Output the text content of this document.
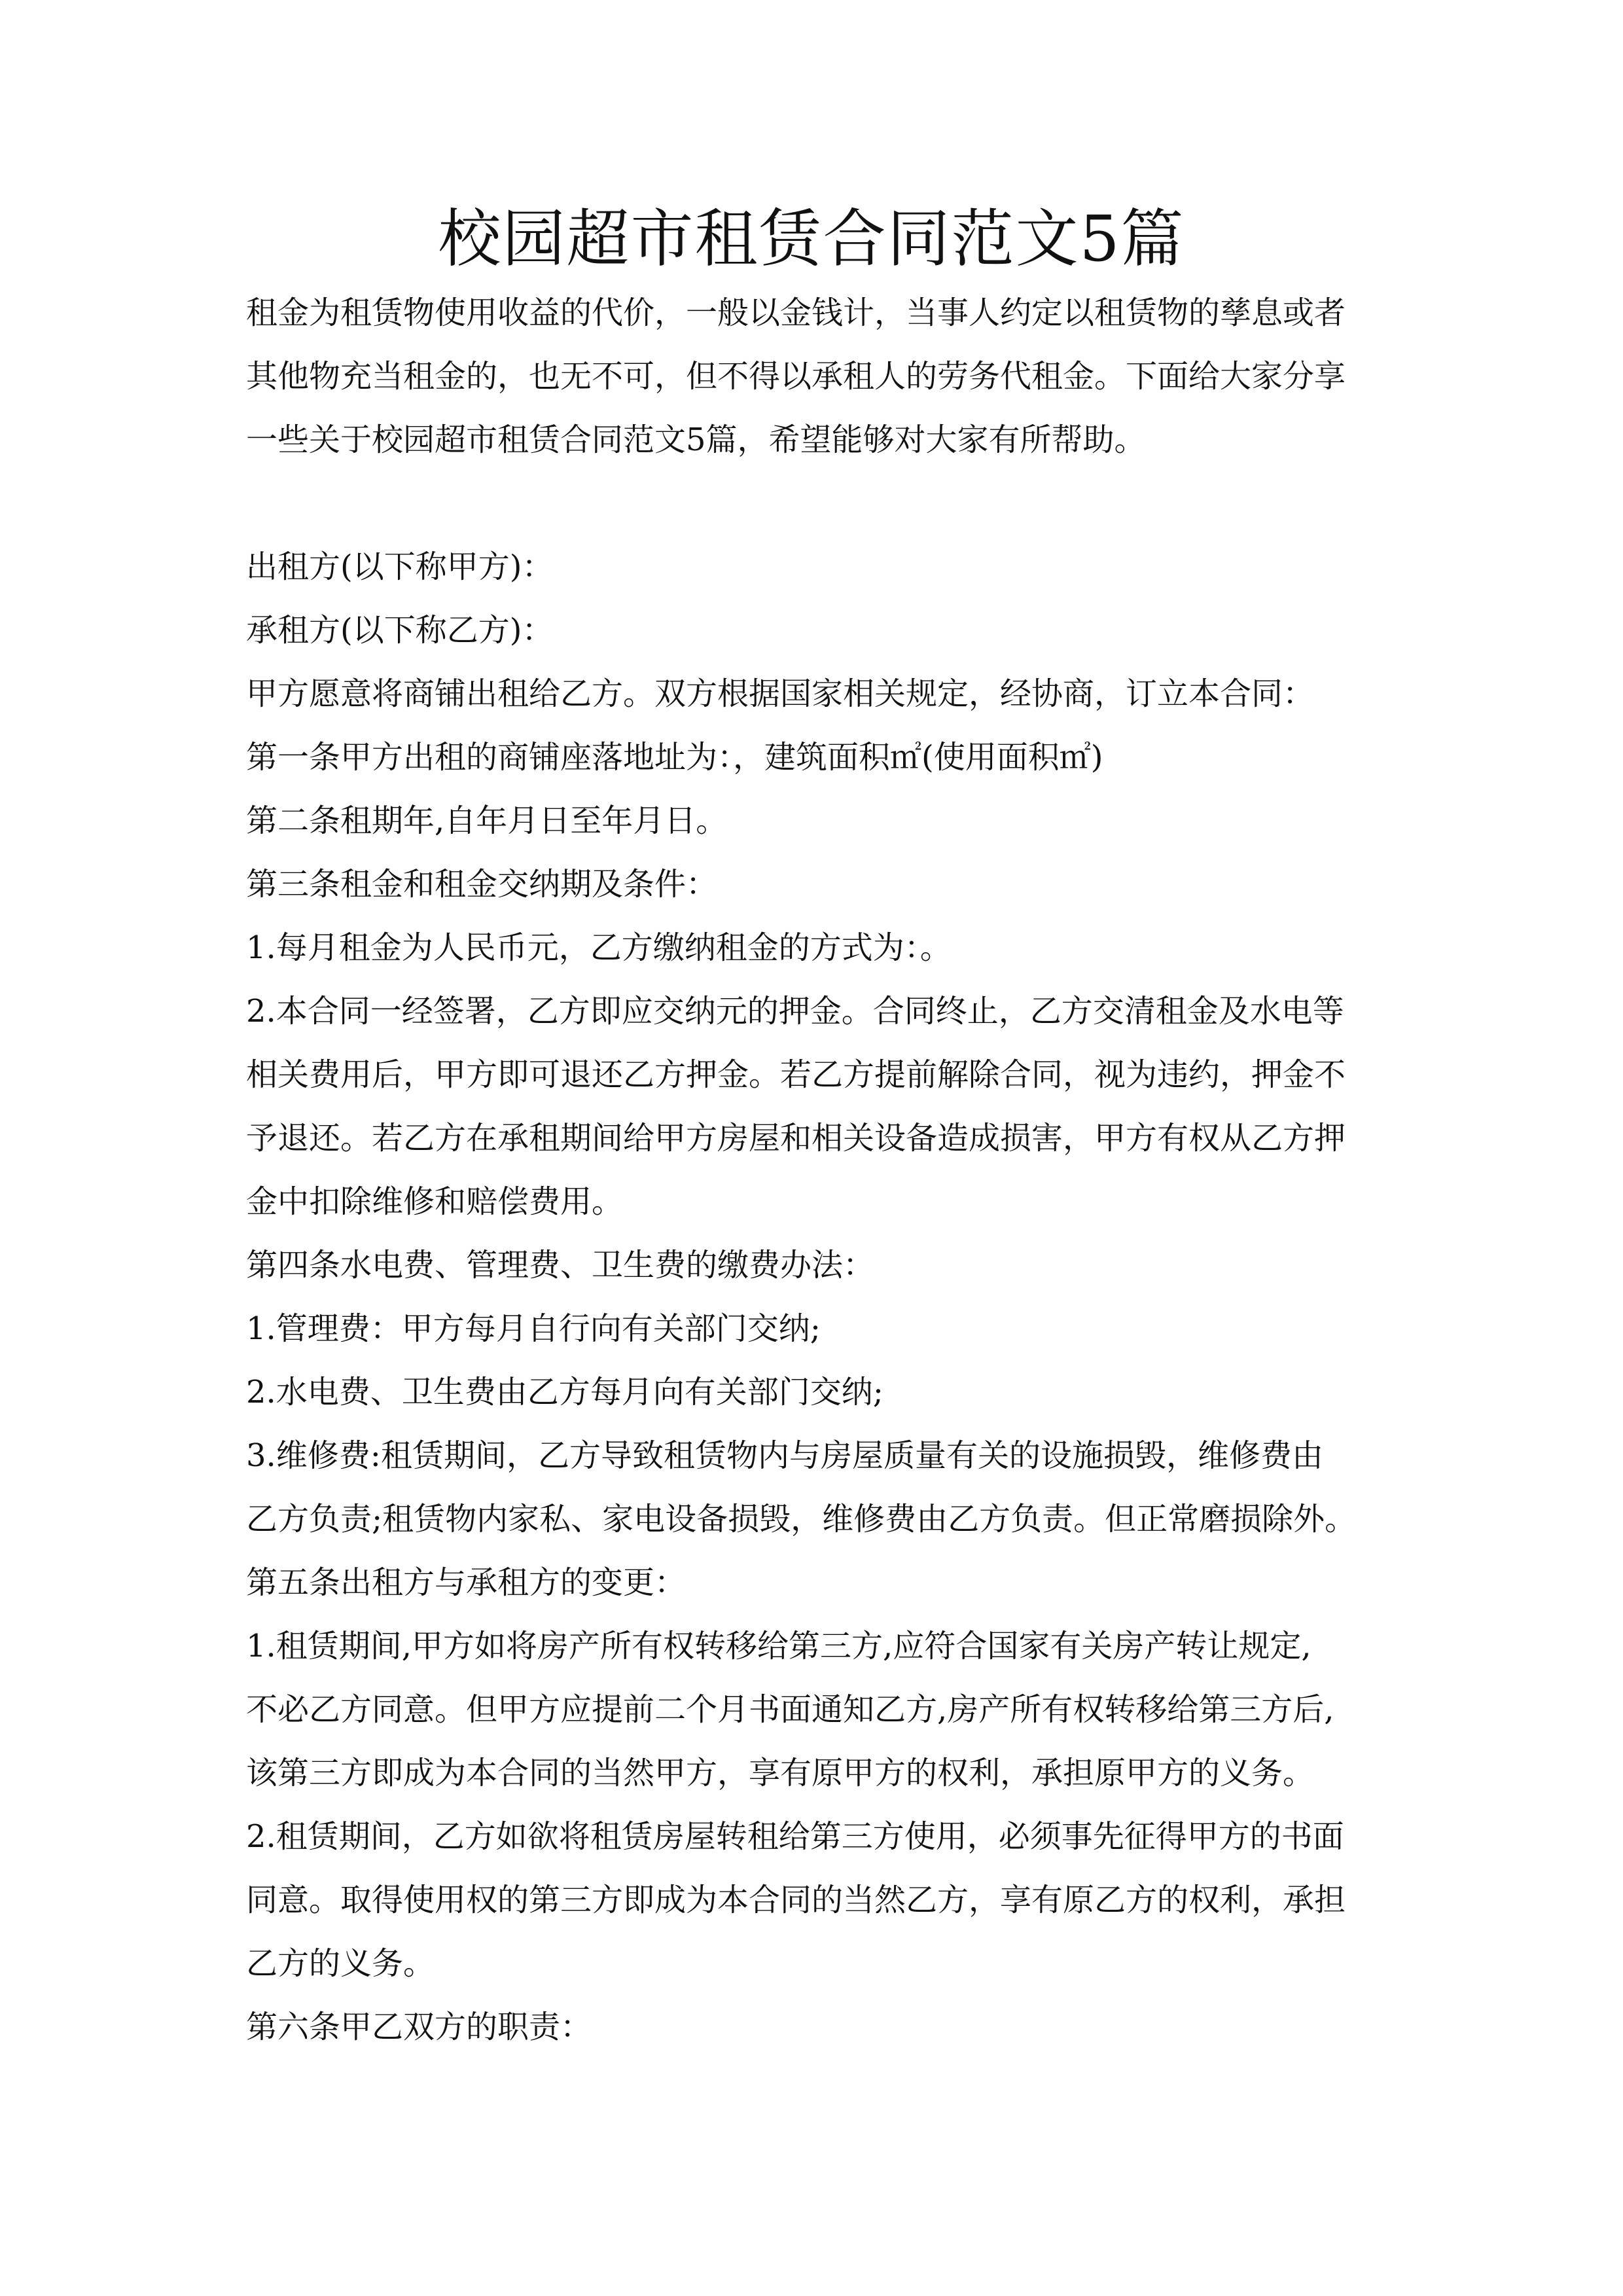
校园超市租赁合同范文5篇

租金为租赁物使用收益的代价，一般以金钱计，当事人约定以租赁物的孳息或者

其他物充当租金的，也无不可，但不得以承租人的劳务代租金。下面给大家分享

一些关于校园超市租赁合同范文5篇，希望能够对大家有所帮助。

出租方(以下称甲方)：

承租方(以下称乙方)：

甲方愿意将商铺出租给乙方。双方根据国家相关规定，经协商，订立本合同：

第一条甲方出租的商铺座落地址为：，建筑面积㎡(使用面积㎡)

第二条租期年,自年月日至年月日。

第三条租金和租金交纳期及条件：

1.每月租金为人民币元，乙方缴纳租金的方式为：。

2.本合同一经签署，乙方即应交纳元的押金。合同终止，乙方交清租金及水电等

相关费用后，甲方即可退还乙方押金。若乙方提前解除合同，视为违约，押金不

予退还。若乙方在承租期间给甲方房屋和相关设备造成损害，甲方有权从乙方押

金中扣除维修和赔偿费用。

第四条水电费、管理费、卫生费的缴费办法：

1.管理费：甲方每月自行向有关部门交纳;

2.水电费、卫生费由乙方每月向有关部门交纳;

3.维修费:租赁期间，乙方导致租赁物内与房屋质量有关的设施损毁，维修费由

乙方负责;租赁物内家私、家电设备损毁，维修费由乙方负责。但正常磨损除外。

第五条出租方与承租方的变更：

1.租赁期间,甲方如将房产所有权转移给第三方,应符合国家有关房产转让规定,

不必乙方同意。但甲方应提前二个月书面通知乙方,房产所有权转移给第三方后,

该第三方即成为本合同的当然甲方，享有原甲方的权利，承担原甲方的义务。

2.租赁期间，乙方如欲将租赁房屋转租给第三方使用，必须事先征得甲方的书面

同意。取得使用权的第三方即成为本合同的当然乙方，享有原乙方的权利，承担

乙方的义务。

第六条甲乙双方的职责：
